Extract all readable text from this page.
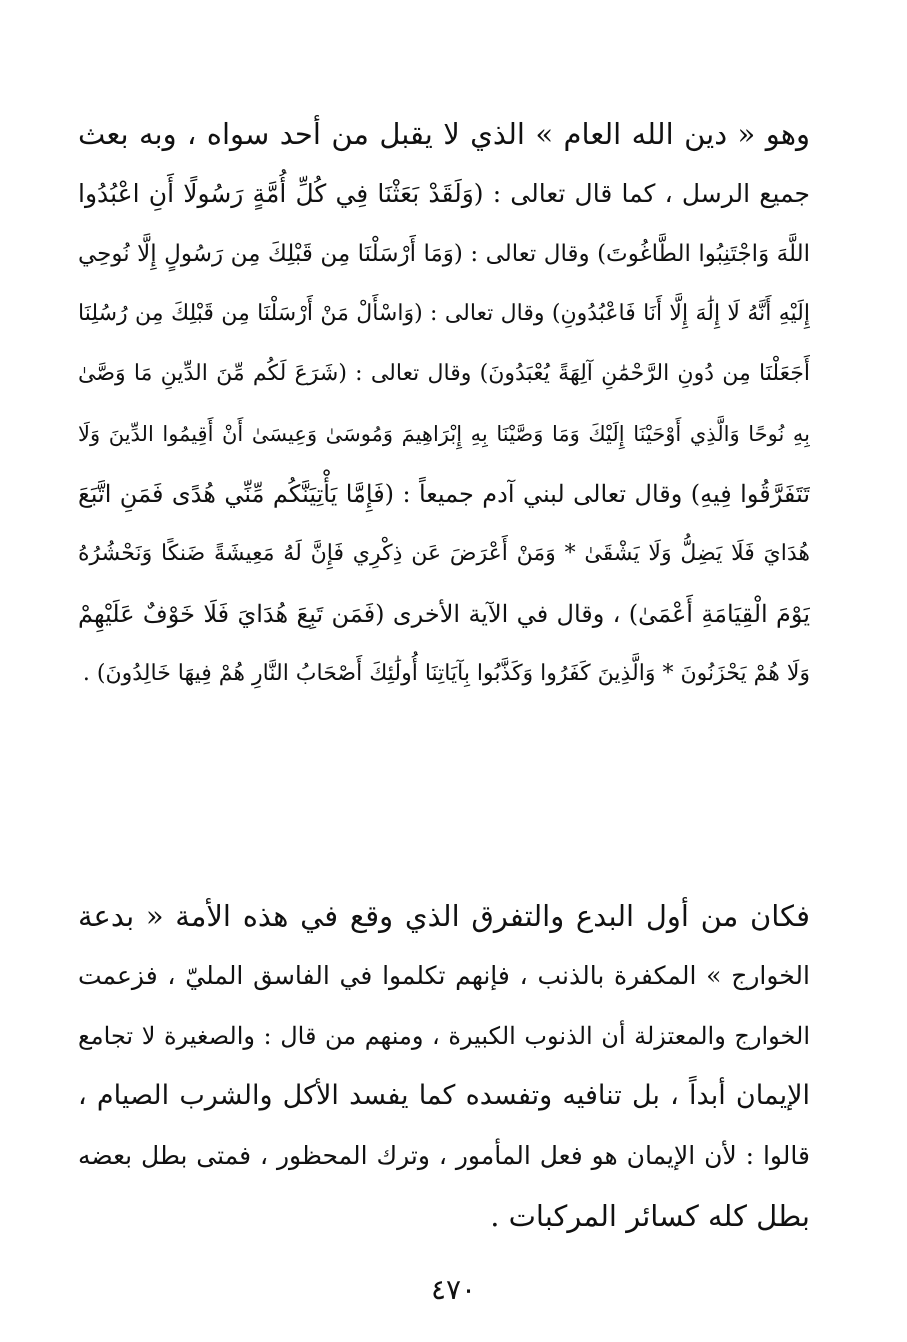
وهو « دين الله العام » الذي لا يقبل من أحد سواه ، وبه بعث
جميع الرسل ، كما قال تعالى : (وَلَقَدْ بَعَثْنَا فِي كُلِّ أُمَّةٍ رَسُولًا أَنِ اعْبُدُوا
اللَّهَ وَاجْتَنِبُوا الطَّاغُوتَ) وقال تعالى : (وَمَا أَرْسَلْنَا مِن قَبْلِكَ مِن رَسُولٍ إِلَّا نُوحِي
إِلَيْهِ أَنَّهُ لَا إِلَٰهَ إِلَّا أَنَا فَاعْبُدُونِ) وقال تعالى : (وَاسْأَلْ مَنْ أَرْسَلْنَا مِن قَبْلِكَ مِن رُسُلِنَا
أَجَعَلْنَا مِن دُونِ الرَّحْمَٰنِ آلِهَةً يُعْبَدُونَ) وقال تعالى : (شَرَعَ لَكُم مِّنَ الدِّينِ مَا وَصَّىٰ
بِهِ نُوحًا وَالَّذِي أَوْحَيْنَا إِلَيْكَ وَمَا وَصَّيْنَا بِهِ إِبْرَاهِيمَ وَمُوسَىٰ وَعِيسَىٰ أَنْ أَقِيمُوا الدِّينَ وَلَا
تَتَفَرَّقُوا فِيهِ) وقال تعالى لبني آدم جميعاً : (فَإِمَّا يَأْتِيَنَّكُم مِّنِّي هُدًى فَمَنِ اتَّبَعَ
هُدَايَ فَلَا يَضِلُّ وَلَا يَشْقَىٰ * وَمَنْ أَعْرَضَ عَن ذِكْرِي فَإِنَّ لَهُ مَعِيشَةً ضَنكًا وَنَحْشُرُهُ
يَوْمَ الْقِيَامَةِ أَعْمَىٰ) ، وقال في الآية الأخرى (فَمَن تَبِعَ هُدَايَ فَلَا خَوْفٌ عَلَيْهِمْ
وَلَا هُمْ يَحْزَنُونَ * وَالَّذِينَ كَفَرُوا وَكَذَّبُوا بِآيَاتِنَا أُولَٰئِكَ أَصْحَابُ النَّارِ هُمْ فِيهَا خَالِدُونَ) .
فكان من أول البدع والتفرق الذي وقع في هذه الأمة « بدعة
الخوارج » المكفرة بالذنب ، فإنهم تكلموا في الفاسق المليّ ، فزعمت
الخوارج والمعتزلة أن الذنوب الكبيرة ، ومنهم من قال : والصغيرة لا تجامع
الإيمان أبداً ، بل تنافيه وتفسده كما يفسد الأكل والشرب الصيام ،
قالوا : لأن الإيمان هو فعل المأمور ، وترك المحظور ، فمتى بطل بعضه
بطل كله كسائر المركبات .
٤٧٠
